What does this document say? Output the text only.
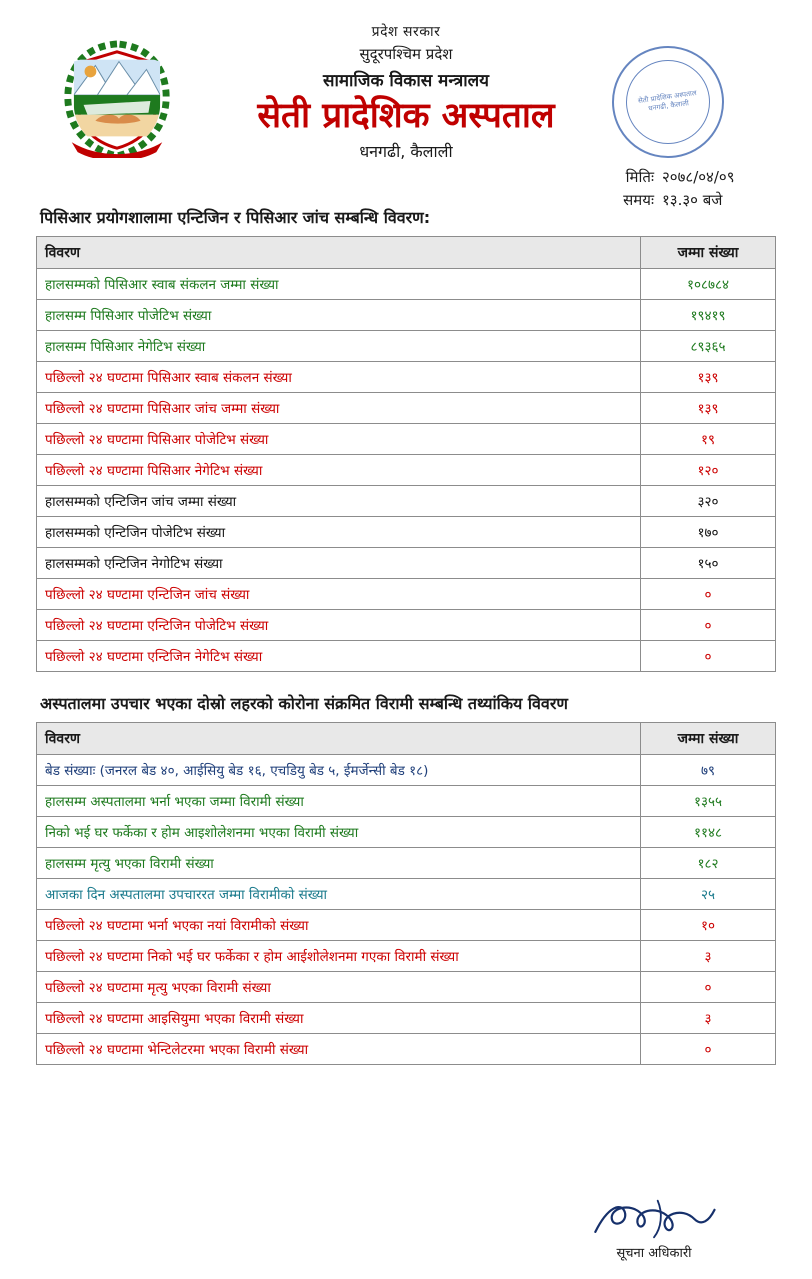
सेती प्रादेशिक अस्पताल धनगढी, कैलाली
प्रदेश सरकार
सुदूरपश्चिम प्रदेश
सामाजिक विकास मन्त्रालय
सेती प्रादेशिक अस्पताल
धनगढी, कैलाली
मितिः २०७८/०४/०९
समयः १३.३० बजे
पिसिआर प्रयोगशालामा एन्टिजिन र पिसिआर जांच सम्बन्धि विवरण:
विवरण	जम्मा संख्या
हालसम्मको पिसिआर स्वाब संकलन जम्मा संख्या	१०८७८४
हालसम्म पिसिआर पोजेटिभ संख्या	१९४१९
हालसम्म पिसिआर नेगेटिभ संख्या	८९३६५
पछिल्लो २४ घण्टामा पिसिआर स्वाब संकलन संख्या	१३९
पछिल्लो २४ घण्टामा पिसिआर जांच जम्मा संख्या	१३९
पछिल्लो २४ घण्टामा पिसिआर पोजेटिभ संख्या	१९
पछिल्लो २४ घण्टामा पिसिआर नेगेटिभ संख्या	१२०
हालसम्मको एन्टिजिन जांच जम्मा संख्या	३२०
हालसम्मको एन्टिजिन पोजेटिभ संख्या	१७०
हालसम्मको एन्टिजिन नेगोटिभ संख्या	१५०
पछिल्लो २४ घण्टामा एन्टिजिन जांच संख्या	०
पछिल्लो २४ घण्टामा एन्टिजिन पोजेटिभ संख्या	०
पछिल्लो २४ घण्टामा एन्टिजिन नेगेटिभ संख्या	०
अस्पतालमा उपचार भएका दोस्रो लहरको कोरोना संक्रमित विरामी सम्बन्धि तथ्यांकिय विवरण
विवरण	जम्मा संख्या
बेड संख्याः (जनरल बेड ४०, आईसियु बेड १६, एचडियु बेड ५, ईमर्जेन्सी बेड १८)	७९
हालसम्म अस्पतालमा भर्ना भएका जम्मा विरामी संख्या	१३५५
निको भई घर फर्केका र होम आइशोलेशनमा भएका विरामी संख्या	११४८
हालसम्म मृत्यु भएका विरामी संख्या	१८२
आजका दिन अस्पतालमा उपचाररत जम्मा विरामीको संख्या	२५
पछिल्लो २४ घण्टामा भर्ना भएका नयां विरामीको संख्या	१०
पछिल्लो २४ घण्टामा निको भई घर फर्केका र होम आईशोलेशनमा गएका विरामी संख्या	३
पछिल्लो २४ घण्टामा मृत्यु भएका विरामी संख्या	०
पछिल्लो २४ घण्टामा आइसियुमा भएका विरामी संख्या	३
पछिल्लो २४ घण्टामा भेन्टिलेटरमा भएका विरामी संख्या	०
सूचना अधिकारी
